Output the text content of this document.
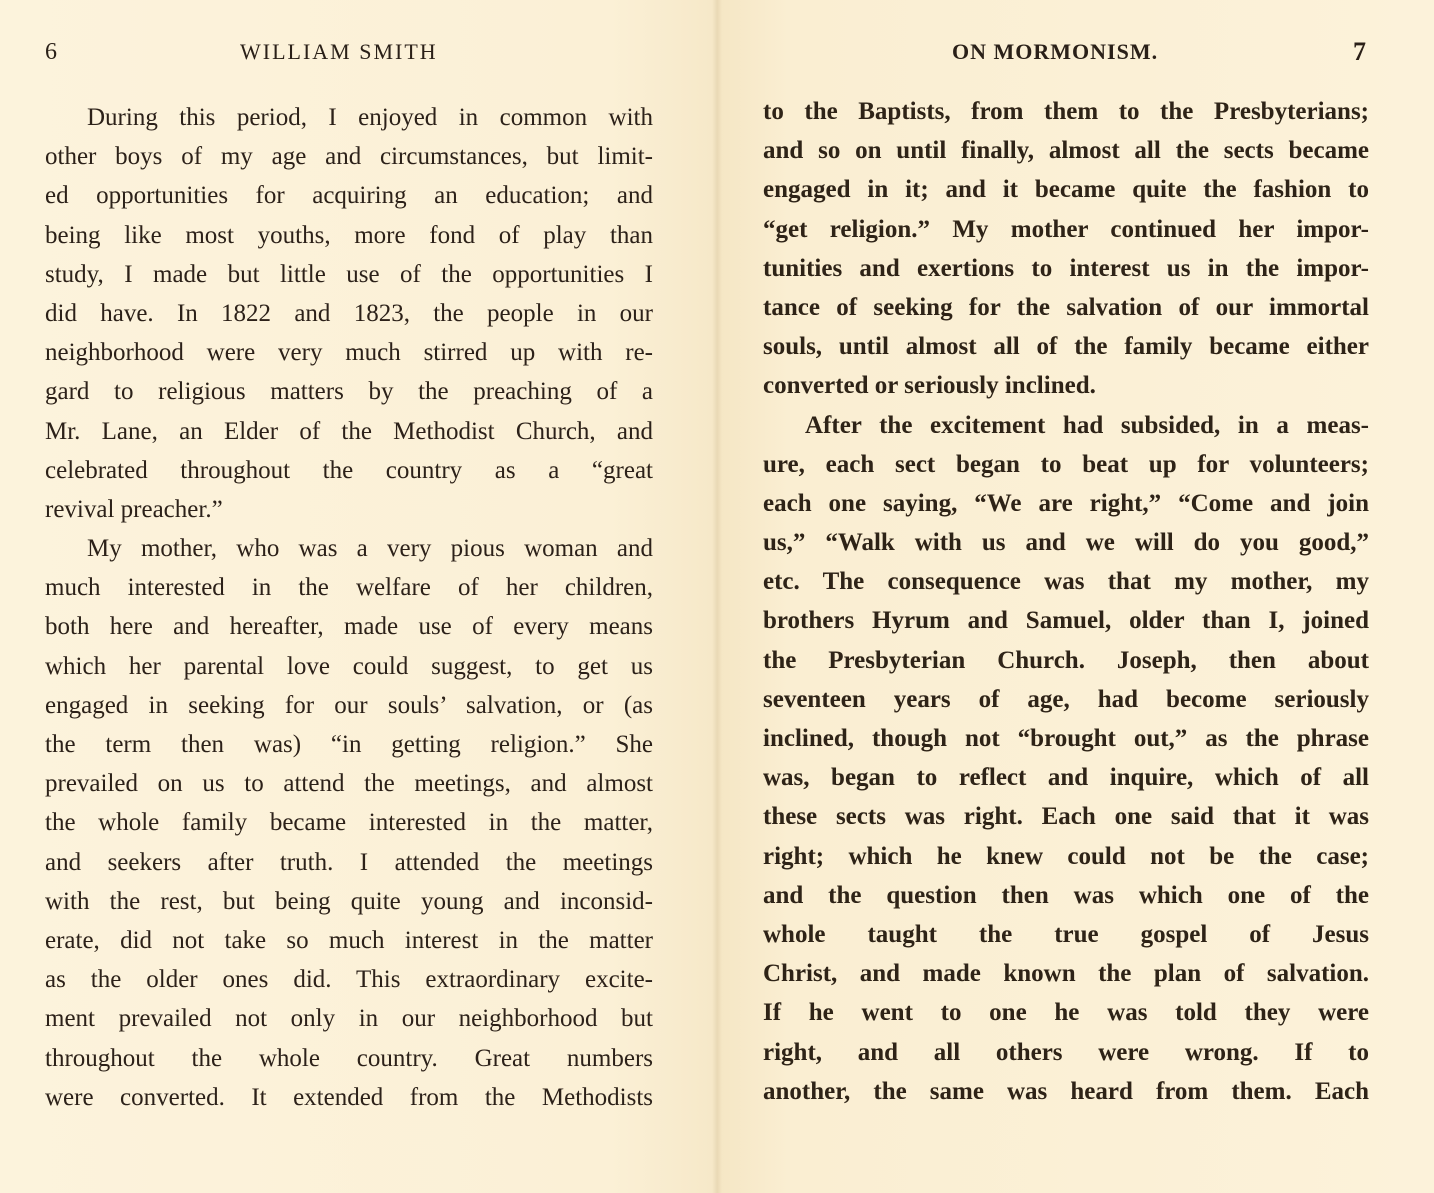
6	WILLIAM SMITH
During this period, I enjoyed in common with
other boys of my age and circumstances, but limit-
ed opportunities for acquiring an education; and
being like most youths, more fond of play than
study, I made but little use of the opportunities I
did have. In 1822 and 1823, the people in our
neighborhood were very much stirred up with re-
gard to religious matters by the preaching of a
Mr. Lane, an Elder of the Methodist Church, and
celebrated throughout the country as a “great
revival preacher.”
My mother, who was a very pious woman and
much interested in the welfare of her children,
both here and hereafter, made use of every means
which her parental love could suggest, to get us
engaged in seeking for our souls’ salvation, or (as
the term then was) “in getting religion.” She
prevailed on us to attend the meetings, and almost
the whole family became interested in the matter,
and seekers after truth. I attended the meetings
with the rest, but being quite young and inconsid-
erate, did not take so much interest in the matter
as the older ones did. This extraordinary excite-
ment prevailed not only in our neighborhood but
throughout the whole country. Great numbers
were converted. It extended from the Methodists
ON MORMONISM.	7
to the Baptists, from them to the Presbyterians;
and so on until finally, almost all the sects became
engaged in it; and it became quite the fashion to
“get religion.” My mother continued her impor-
tunities and exertions to interest us in the impor-
tance of seeking for the salvation of our immortal
souls, until almost all of the family became either
converted or seriously inclined.
After the excitement had subsided, in a meas-
ure, each sect began to beat up for volunteers;
each one saying, “We are right,” “Come and join
us,” “Walk with us and we will do you good,”
etc. The consequence was that my mother, my
brothers Hyrum and Samuel, older than I, joined
the Presbyterian Church. Joseph, then about
seventeen years of age, had become seriously
inclined, though not “brought out,” as the phrase
was, began to reflect and inquire, which of all
these sects was right. Each one said that it was
right; which he knew could not be the case;
and the question then was which one of the
whole taught the true gospel of Jesus
Christ, and made known the plan of salvation.
If he went to one he was told they were
right, and all others were wrong. If to
another, the same was heard from them. Each
